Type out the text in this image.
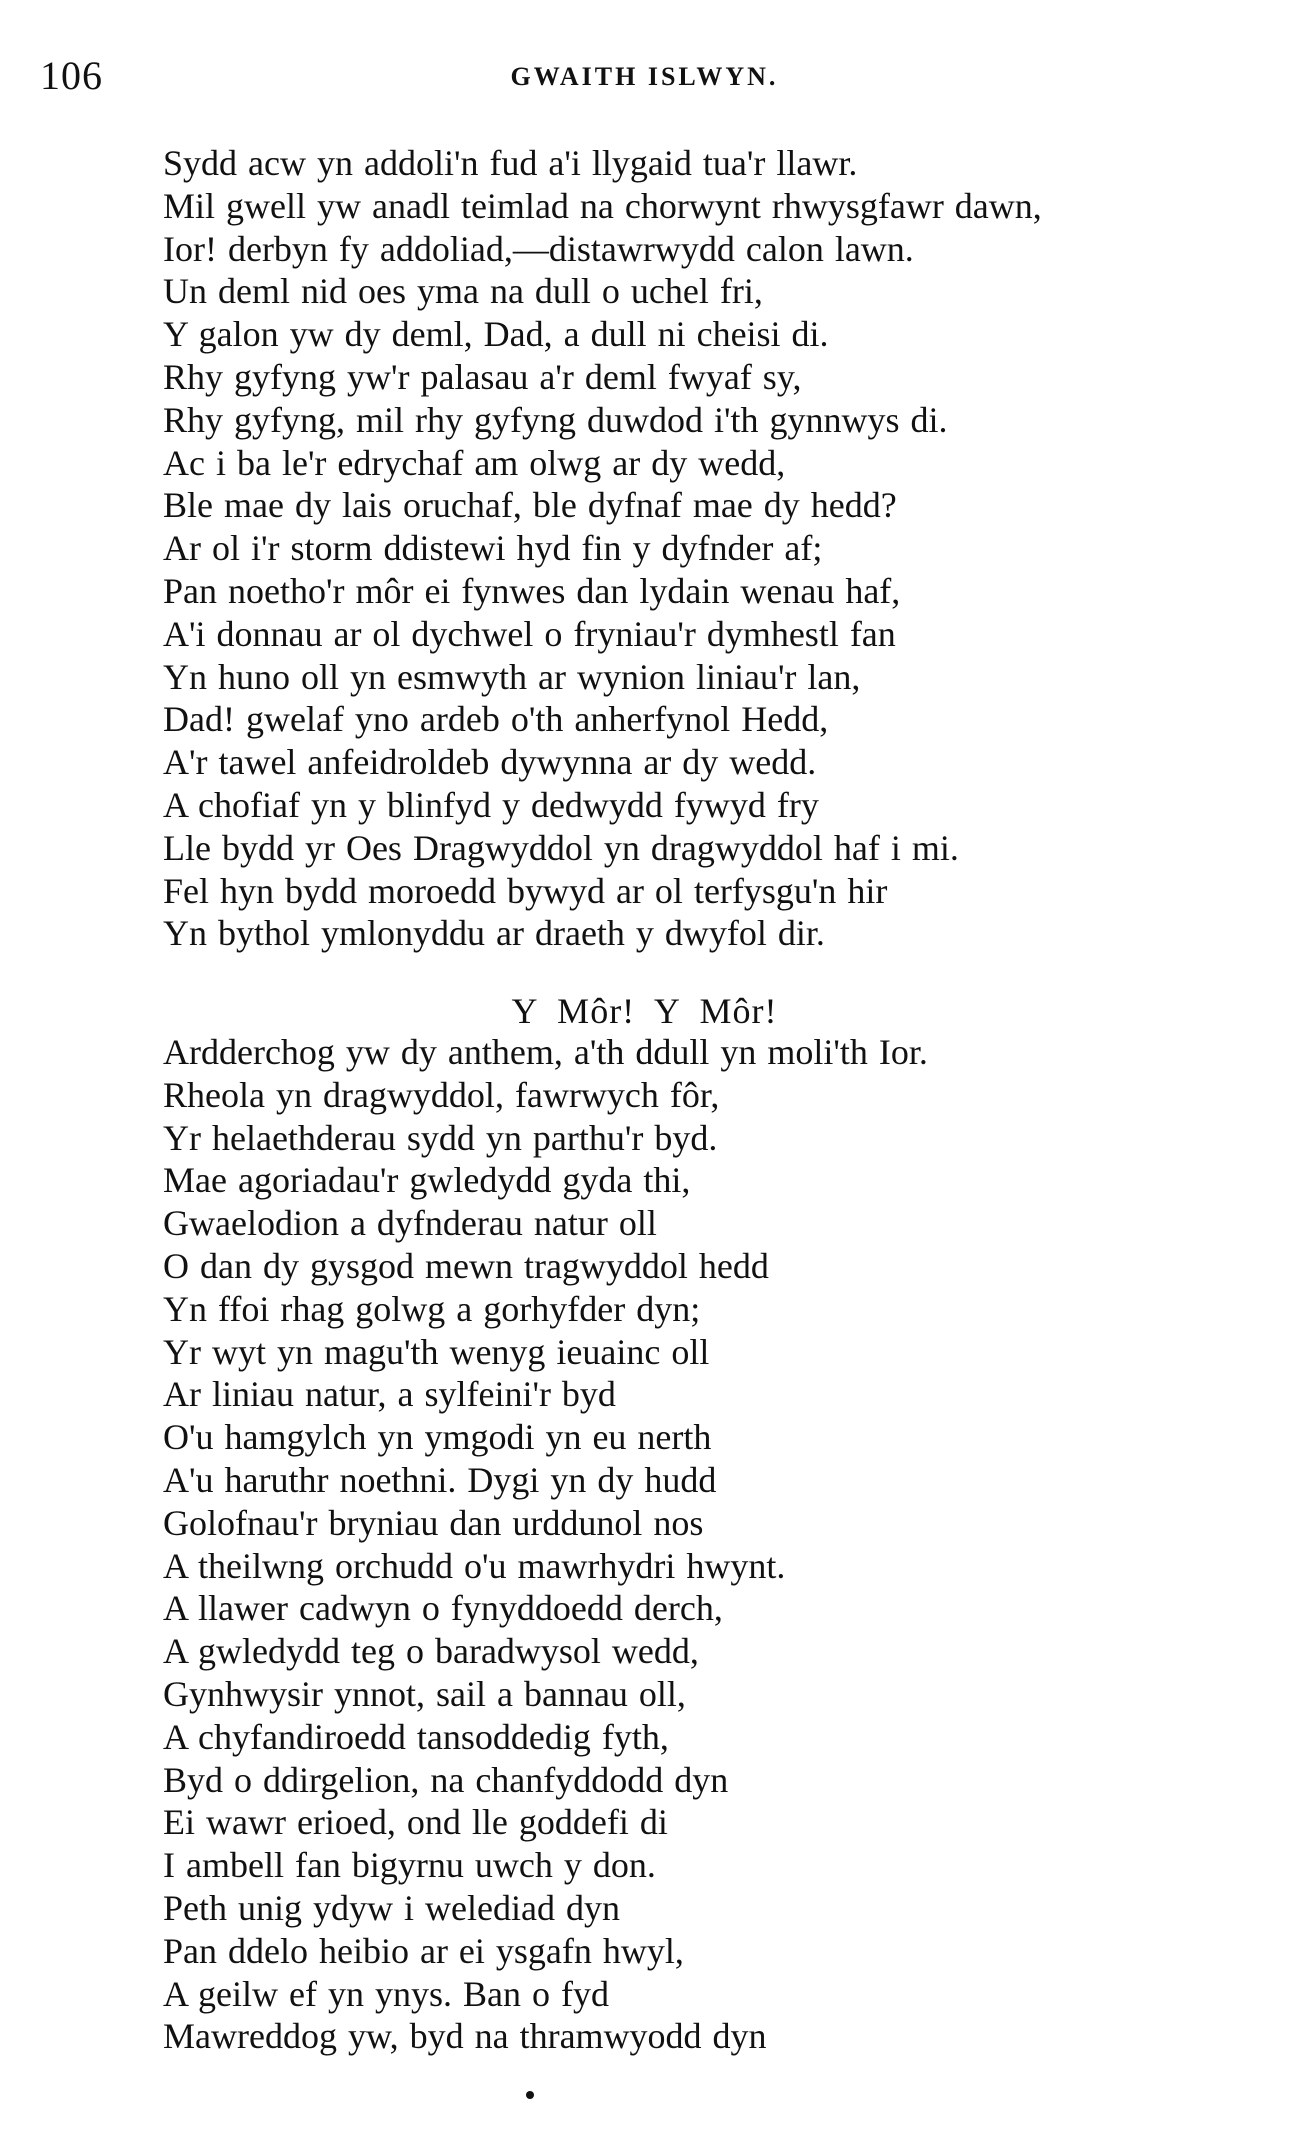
106	GWAITH ISLWYN.
Sydd acw yn addoli'n fud a'i llygaid tua'r llawr.
Mil gwell yw anadl teimlad na chorwynt rhwysgfawr dawn,
Ior! derbyn fy addoliad,—distawrwydd calon lawn.
Un deml nid oes yma na dull o uchel fri,
Y galon yw dy deml, Dad, a dull ni cheisi di.
Rhy gyfyng yw'r palasau a'r deml fwyaf sy,
Rhy gyfyng, mil rhy gyfyng duwdod i'th gynnwys di.
Ac i ba le'r edrychaf am olwg ar dy wedd,
Ble mae dy lais oruchaf, ble dyfnaf mae dy hedd?
Ar ol i'r storm ddistewi hyd fin y dyfnder af;
Pan noetho'r môr ei fynwes dan lydain wenau haf,
A'i donnau ar ol dychwel o fryniau'r dymhestl fan
Yn huno oll yn esmwyth ar wynion liniau'r lan,
Dad! gwelaf yno ardeb o'th anherfynol Hedd,
A'r tawel anfeidroldeb dywynna ar dy wedd.
A chofiaf yn y blinfyd y dedwydd fywyd fry
Lle bydd yr Oes Dragwyddol yn dragwyddol haf i mi.
Fel hyn bydd moroedd bywyd ar ol terfysgu'n hir
Yn bythol ymlonyddu ar draeth y dwyfol dir.
Y Môr! Y Môr!
Ardderchog yw dy anthem, a'th ddull yn moli'th Ior.
Rheola yn dragwyddol, fawrwych fôr,
Yr helaethderau sydd yn parthu'r byd.
Mae agoriadau'r gwledydd gyda thi,
Gwaelodion a dyfnderau natur oll
O dan dy gysgod mewn tragwyddol hedd
Yn ffoi rhag golwg a gorhyfder dyn;
Yr wyt yn magu'th wenyg ieuainc oll
Ar liniau natur, a sylfeini'r byd
O'u hamgylch yn ymgodi yn eu nerth
A'u haruthr noethni. Dygi yn dy hudd
Golofnau'r bryniau dan urddunol nos
A theilwng orchudd o'u mawrhydri hwynt.
A llawer cadwyn o fynyddoedd derch,
A gwledydd teg o baradwysol wedd,
Gynhwysir ynnot, sail a bannau oll,
A chyfandiroedd tansoddedig fyth,
Byd o ddirgelion, na chanfyddodd dyn
Ei wawr erioed, ond lle goddefi di
I ambell fan bigyrnu uwch y don.
Peth unig ydyw i welediad dyn
Pan ddelo heibio ar ei ysgafn hwyl,
A geilw ef yn ynys. Ban o fyd
Mawreddog yw, byd na thramwyodd dyn
